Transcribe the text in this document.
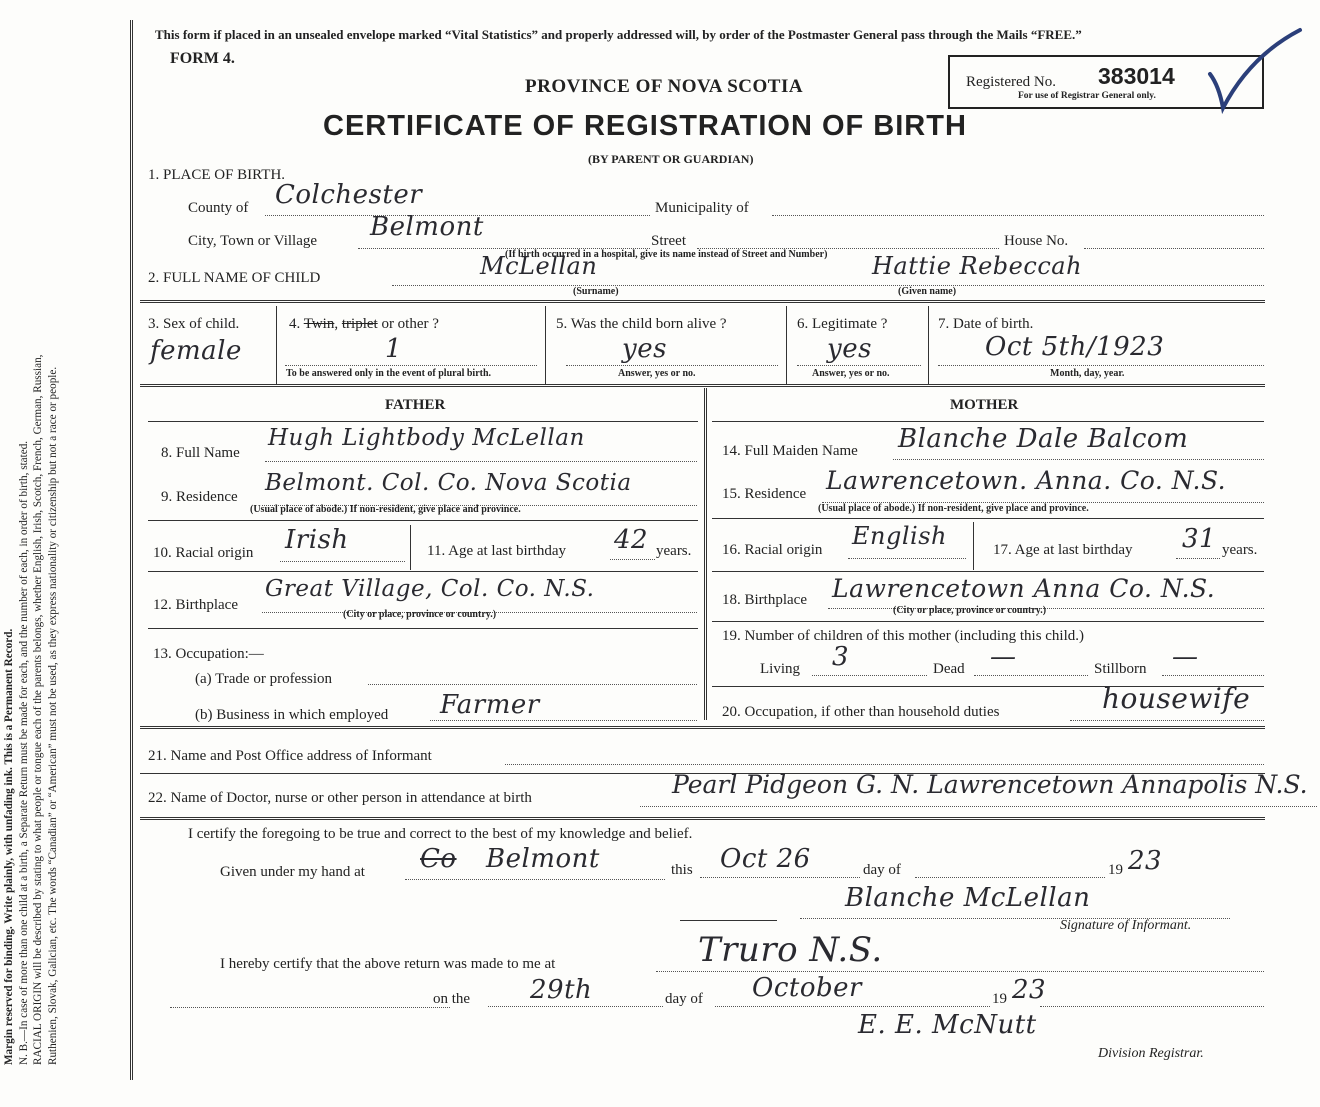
Margin reserved for binding. Write plainly, with unfading ink. This is a Permanent Record. N. B.—In case of more than one child at a birth, a Separate Return must be made for each, and the number of each, in order of birth, stated. RACIAL ORIGIN will be described by stating to what people or tongue each of the parents belongs, whether English, Irish, Scotch, French, German, Russian, Ruthenien, Slovak, Galician, etc. The words “Canadian” or “American” must not be used, as they express nationality or citizenship but not a race or people.

This form if placed in an unsealed envelope marked “Vital Statistics” and properly addressed will, by order of the Postmaster General pass through the Mails “FREE.”
FORM 4.
PROVINCE OF NOVA SCOTIA
CERTIFICATE OF REGISTRATION OF BIRTH
(BY PARENT OR GUARDIAN)
Registered No. 383014
For use of Registrar General only.
1. PLACE OF BIRTH.
County of Colchester	Municipality of
City, Town or Village Belmont	Street	House No.
(If birth occurred in a hospital, give its name instead of Street and Number)
2. FULL NAME OF CHILD	McLellan	Hattie Rebeccah
(Surname)	(Given name)
3. Sex of child.
female
4. Twin, triplet or other ?
1
To be answered only in the event of plural birth.
5. Was the child born alive ?
yes
Answer, yes or no.
6. Legitimate ?
yes
Answer, yes or no.
7. Date of birth.
Oct 5th/1923
Month, day, year.
FATHER	MOTHER
8. Full Name
Hugh Lightbody McLellan
9. Residence
Belmont. Col. Co. Nova Scotia
(Usual place of abode.) If non-resident, give place and province.
10. Racial origin Irish	11. Age at last birthday 42 years.
12. Birthplace
Great Village, Col. Co. N.S.
(City or place, province or country.)
13. Occupation:—
(a) Trade or profession
(b) Business in which employed Farmer
14. Full Maiden Name Blanche Dale Balcom
15. Residence Lawrencetown. Anna. Co. N.S.
(Usual place of abode.) If non-resident, give place and province.
16. Racial origin English	17. Age at last birthday 31 years.
18. Birthplace Lawrencetown Anna Co. N.S.
(City or place, province or country.)
19. Number of children of this mother (including this child.)
Living 3	Dead —	Stillborn —
20. Occupation, if other than household duties	housewife
21. Name and Post Office address of Informant
22. Name of Doctor, nurse or other person in attendance at birth	Pearl Pidgeon G. N. Lawrencetown Annapolis N.S.
I certify the foregoing to be true and correct to the best of my knowledge and belief.
Given under my hand at Co Belmont	this Oct 26	day of	19 23
Blanche McLellan
Signature of Informant.
I hereby certify that the above return was made to me at	Truro N.S.
on the 29th	day of October	19 23
E. E. McNutt
Division Registrar.
